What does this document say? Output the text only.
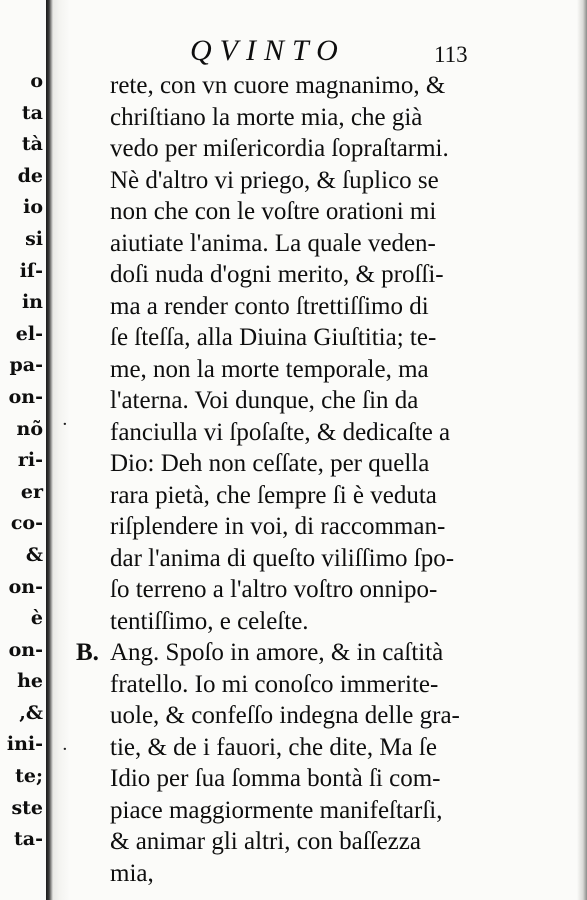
o
ta
tà
de
io
si
iſ-
in
el-
pa-
on-
nõ
ri-
er
co-
&
on-
è
on-
he
,&
ini-
te;
ste
ta-
QVINTO	113
·
·
rete, con vn cuore magnanimo, &
chriſtiano la morte mia, che già
vedo per miſericordia ſopraſtarmi.
Nè d'altro vi priego, & ſuplico se
non che con le voſtre orationi mi
aiutiate l'anima. La quale veden-
doſi nuda d'ogni merito, & proſſi-
ma a render conto ſtrettiſſimo di
ſe ſteſſa, alla Diuina Giuſtitia; te-
me, non la morte temporale, ma
l'aterna. Voi dunque, che ſin da
fanciulla vi ſpoſaſte, & dedicaſte a
Dio: Deh non ceſſate, per quella
rara pietà, che ſempre ſi è veduta
riſplendere in voi, di raccomman-
dar l'anima di queſto viliſſimo ſpo-
ſo terreno a l'altro voſtro onnipo-
tentiſſimo, e celeſte.
B. Ang. Spoſo in amore, & in caſtità
fratello. Io mi conoſco immerite-
uole, & confeſſo indegna delle gra-
tie, & de i fauori, che dite, Ma ſe
Idio per ſua ſomma bontà ſi com-
piace maggiormente manifeſtarſi,
& animar gli altri, con baſſezza
mia,
